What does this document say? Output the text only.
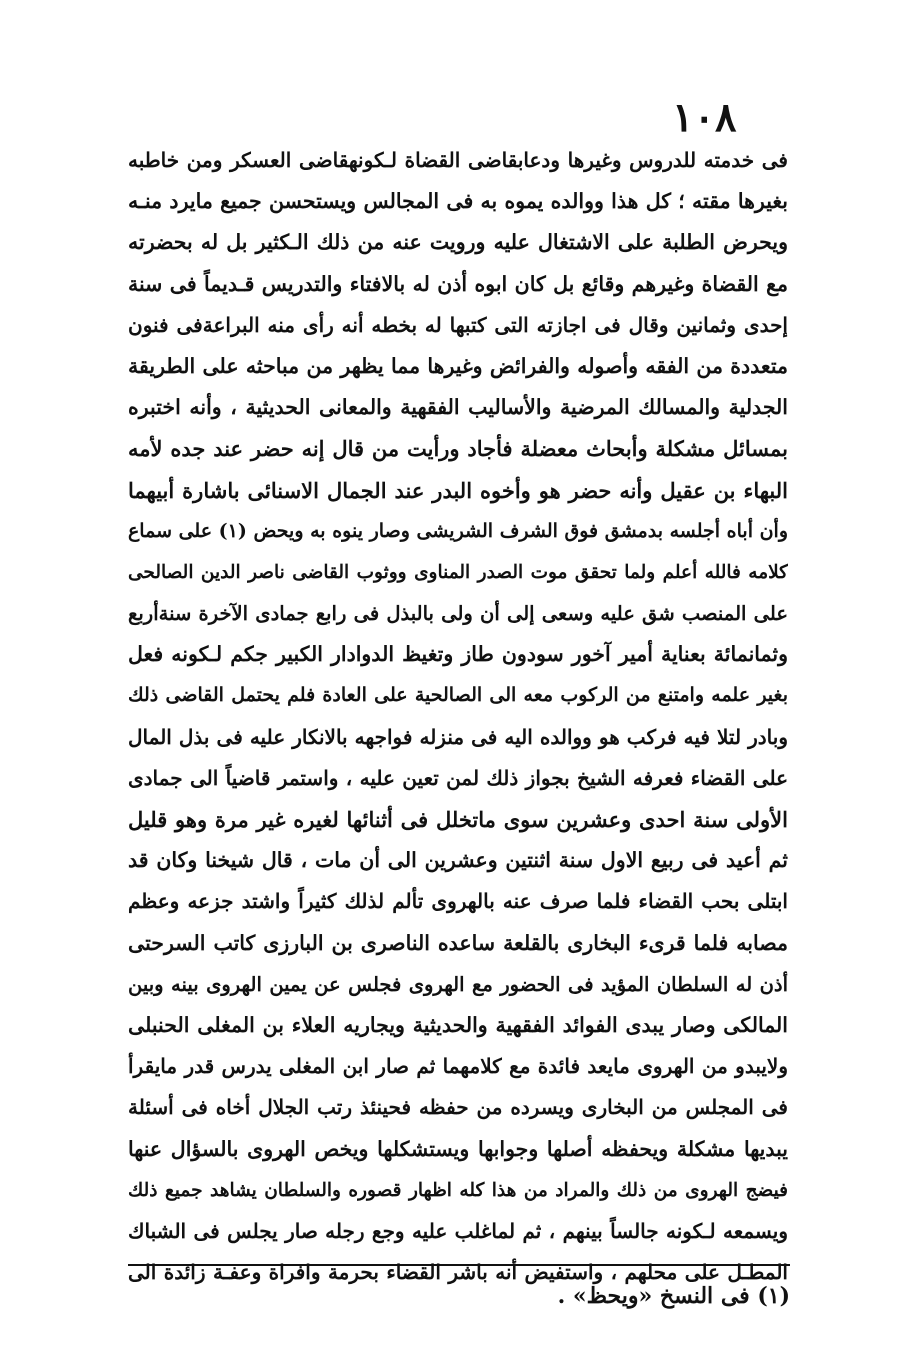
١٠٨
فى خدمته للدروس وغيرها ودعابقاضى القضاة لـكونهقاضى العسكر ومن خاطبه
بغيرها مقته ؛ كل هذا ووالده يموه به فى المجالس ويستحسن جميع مايرد منـه
ويحرض الطلبة على الاشتغال عليه ورويت عنه من ذلك الـكثير بل له بحضرته
مع القضاة وغيرهم وقائع بل كان ابوه أذن له بالافتاء والتدريس قـديماً فى سنة
إحدى وثمانين وقال فى اجازته التى كتبها له بخطه أنه رأى منه البراعةفى فنون
متعددة من الفقه وأصوله والفرائض وغيرها مما يظهر من مباحثه على الطريقة
الجدلية والمسالك المرضية والأساليب الفقهية والمعانى الحديثية ، وأنه اختبره
بمسائل مشكلة وأبحاث معضلة فأجاد ورأيت من قال إنه حضر عند جده لأمه
البهاء بن عقيل وأنه حضر هو وأخوه البدر عند الجمال الاسنائى باشارة أبيهما
وأن أباه أجلسه بدمشق فوق الشرف الشريشى وصار ينوه به ويحض (١) على سماع
كلامه فالله أعلم ولما تحقق موت الصدر المناوى ووثوب القاضى ناصر الدين الصالحى
على المنصب شق عليه وسعى إلى أن ولى بالبذل فى رابع جمادى الآخرة سنةأربع
وثمانمائة بعناية أمير آخور سودون طاز وتغيظ الدوادار الكبير جكم لـكونه فعل
بغير علمه وامتنع من الركوب معه الى الصالحية على العادة فلم يحتمل القاضى ذلك
وبادر لتلا فيه فركب هو ووالده اليه فى منزله فواجهه بالانكار عليه فى بذل المال
على القضاء فعرفه الشيخ بجواز ذلك لمن تعين عليه ، واستمر قاضياً الى جمادى
الأولى سنة احدى وعشرين سوى ماتخلل فى أثنائها لغيره غير مرة وهو قليل
ثم أعيد فى ربيع الاول سنة اثنتين وعشرين الى أن مات ، قال شيخنا وكان قد
ابتلى بحب القضاء فلما صرف عنه بالهروى تألم لذلك كثيراً واشتد جزعه وعظم
مصابه فلما قرىء البخارى بالقلعة ساعده الناصرى بن البارزى كاتب السرحتى
أذن له السلطان المؤيد فى الحضور مع الهروى فجلس عن يمين الهروى بينه وبين
المالكى وصار يبدى الفوائد الفقهية والحديثية ويجاريه العلاء بن المغلى الحنبلى
ولايبدو من الهروى مايعد فائدة مع كلامهما ثم صار ابن المغلى يدرس قدر مايقرأ
فى المجلس من البخارى ويسرده من حفظه فحينئذ رتب الجلال أخاه فى أسئلة
يبديها مشكلة ويحفظه أصلها وجوابها ويستشكلها ويخص الهروى بالسؤال عنها
فيضج الهروى من ذلك والمراد من هذا كله اظهار قصوره والسلطان يشاهد جميع ذلك
ويسمعه لـكونه جالساً بينهم ، ثم لماغلب عليه وجع رجله صار يجلس فى الشباك
المطـل على محلهم ، واستفيض أنه باشر القضاء بحرمة وافراة وعفـة زائدة الى
(١) فى النسخ «ويحظ» .
